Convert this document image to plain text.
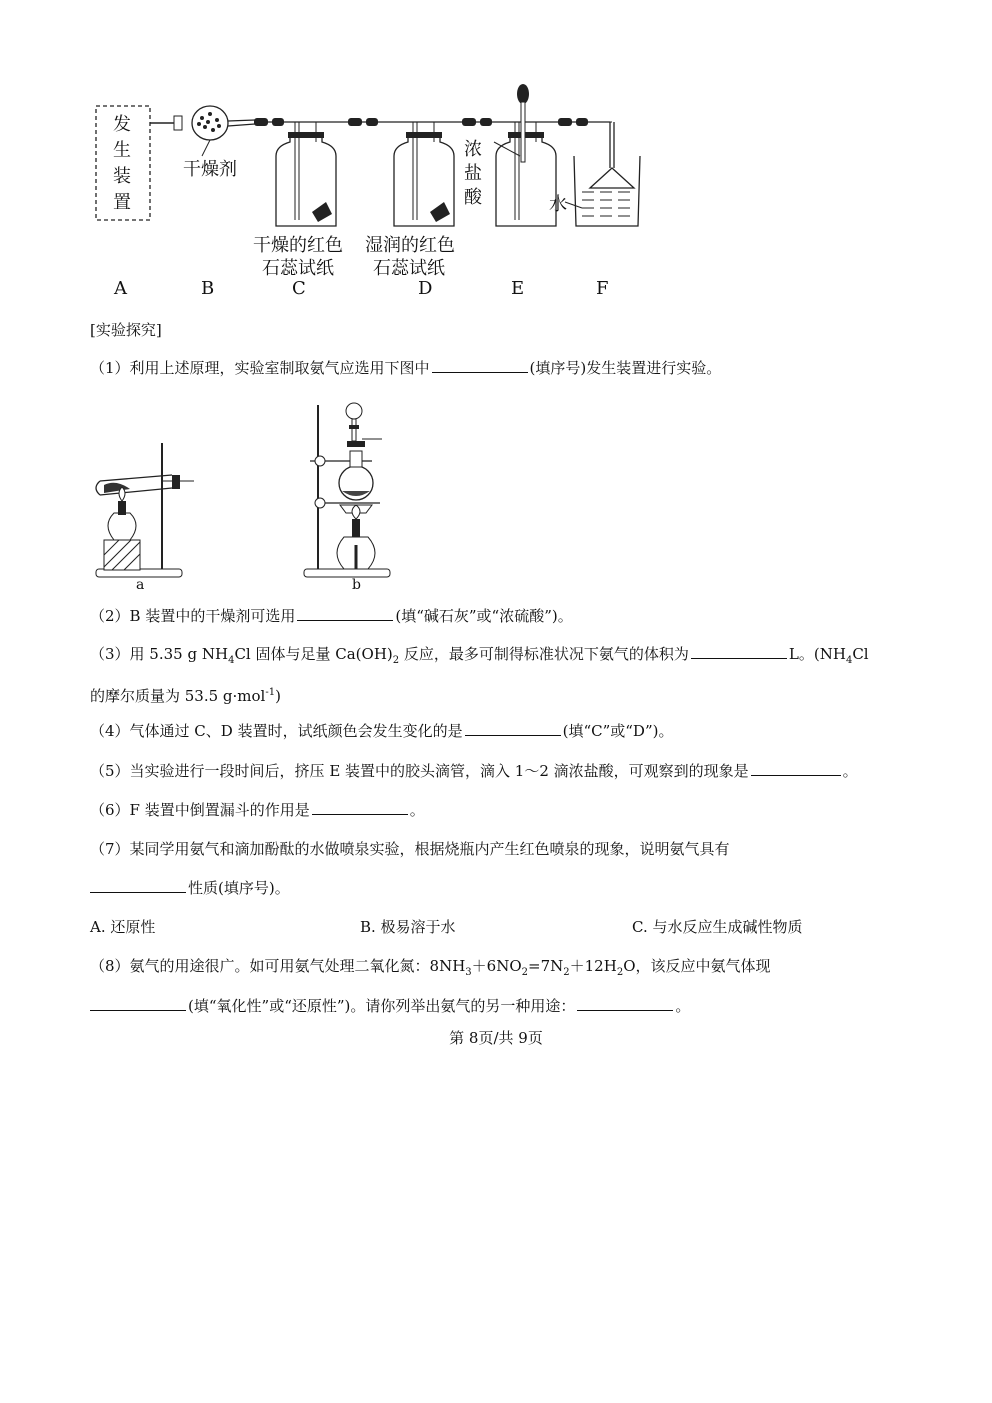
发生装置
干燥剂
浓盐酸	水
干燥的红色
石蕊试纸
湿润的红色
石蕊试纸
A	B	C	D	E	F
[实验探究]
（1）利用上述原理，实验室制取氨气应选用下图中	(填序号)发生装置进行实验。
a	b
（2）B 装置中的干燥剂可选用	(填“碱石灰”或“浓硫酸”)。
（3）用 5.35 g $NH_4Cl$ 固体与足量 $Ca(OH)_2$ 反应，最多可制得标准状况下氨气的体积为	L。($NH_4Cl$
的摩尔质量为 53.5 g·mol$^{-1}$)
（4）气体通过 C、D 装置时，试纸颜色会发生变化的是	(填“C”或“D”)。
（5）当实验进行一段时间后，挤压 E 装置中的胶头滴管，滴入 1～2 滴浓盐酸，可观察到的现象是	。
（6）F 装置中倒置漏斗的作用是	。
（7）某同学用氨气和滴加酚酞的水做喷泉实验，根据烧瓶内产生红色喷泉的现象，说明氨气具有
性质(填序号)。
A. 还原性	B. 极易溶于水	C. 与水反应生成碱性物质
（8）氨气的用途很广。如可用氨气处理二氧化氮：$8NH_3+6NO_2=7N_2+12H_2O$，该反应中氨气体现
(填“氧化性”或“还原性”)。请你列举出氨气的另一种用途：	。
第 8页/共 9页
